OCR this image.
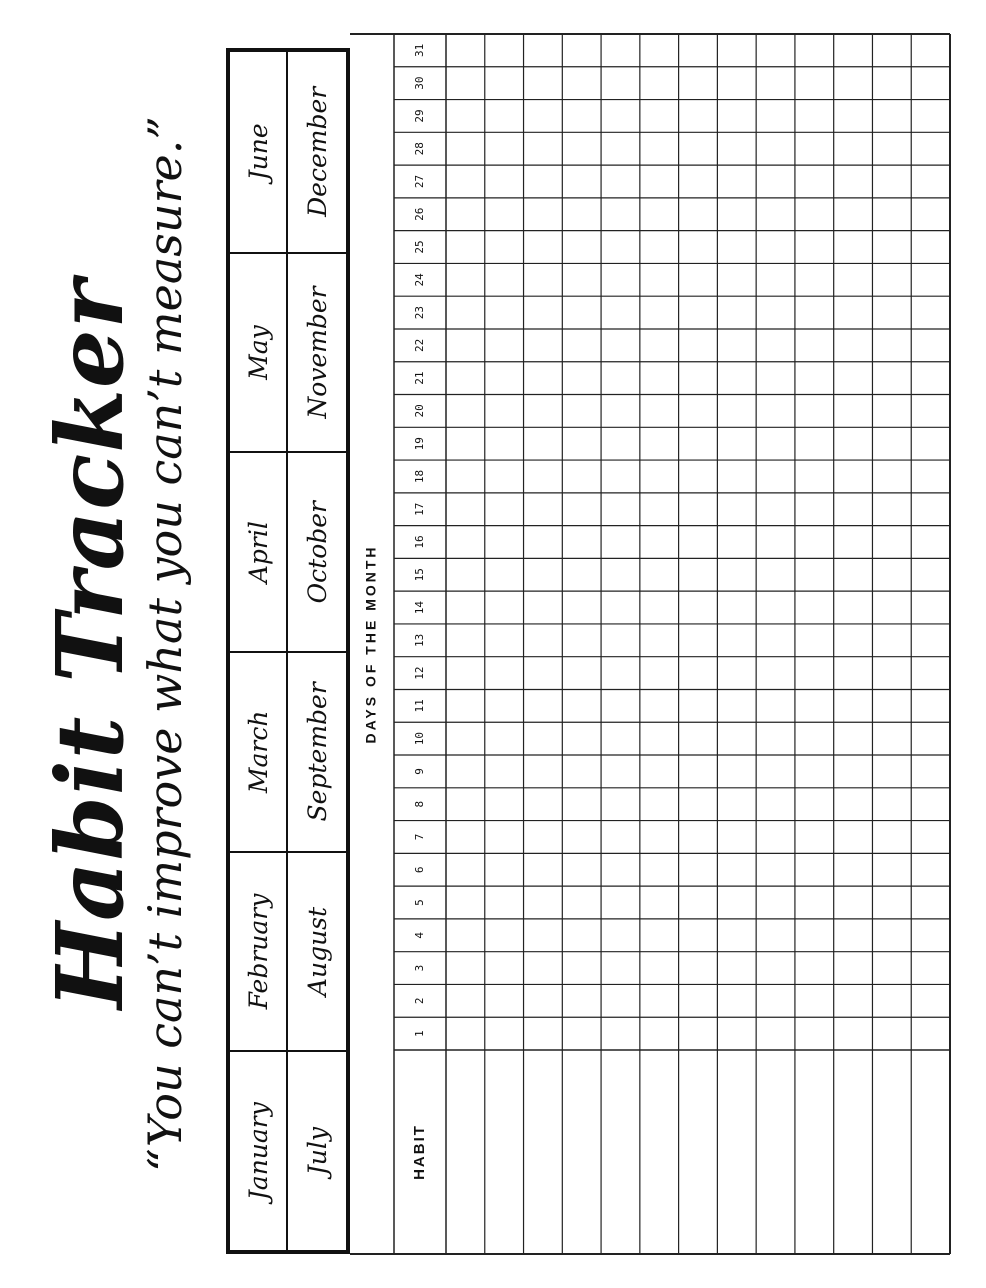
Habit Tracker

“You can’t improve what you can’t measure.”	January
February
March
April
May
June
July
August
September
October
November
December
DAYS OF THE MONTH
HABIT
1
2
3
4
5
6
7
8
9
10
11
12
13
14
15
16
17
18
19
20
21
22
23
24
25
26
27
28
29
30
31
